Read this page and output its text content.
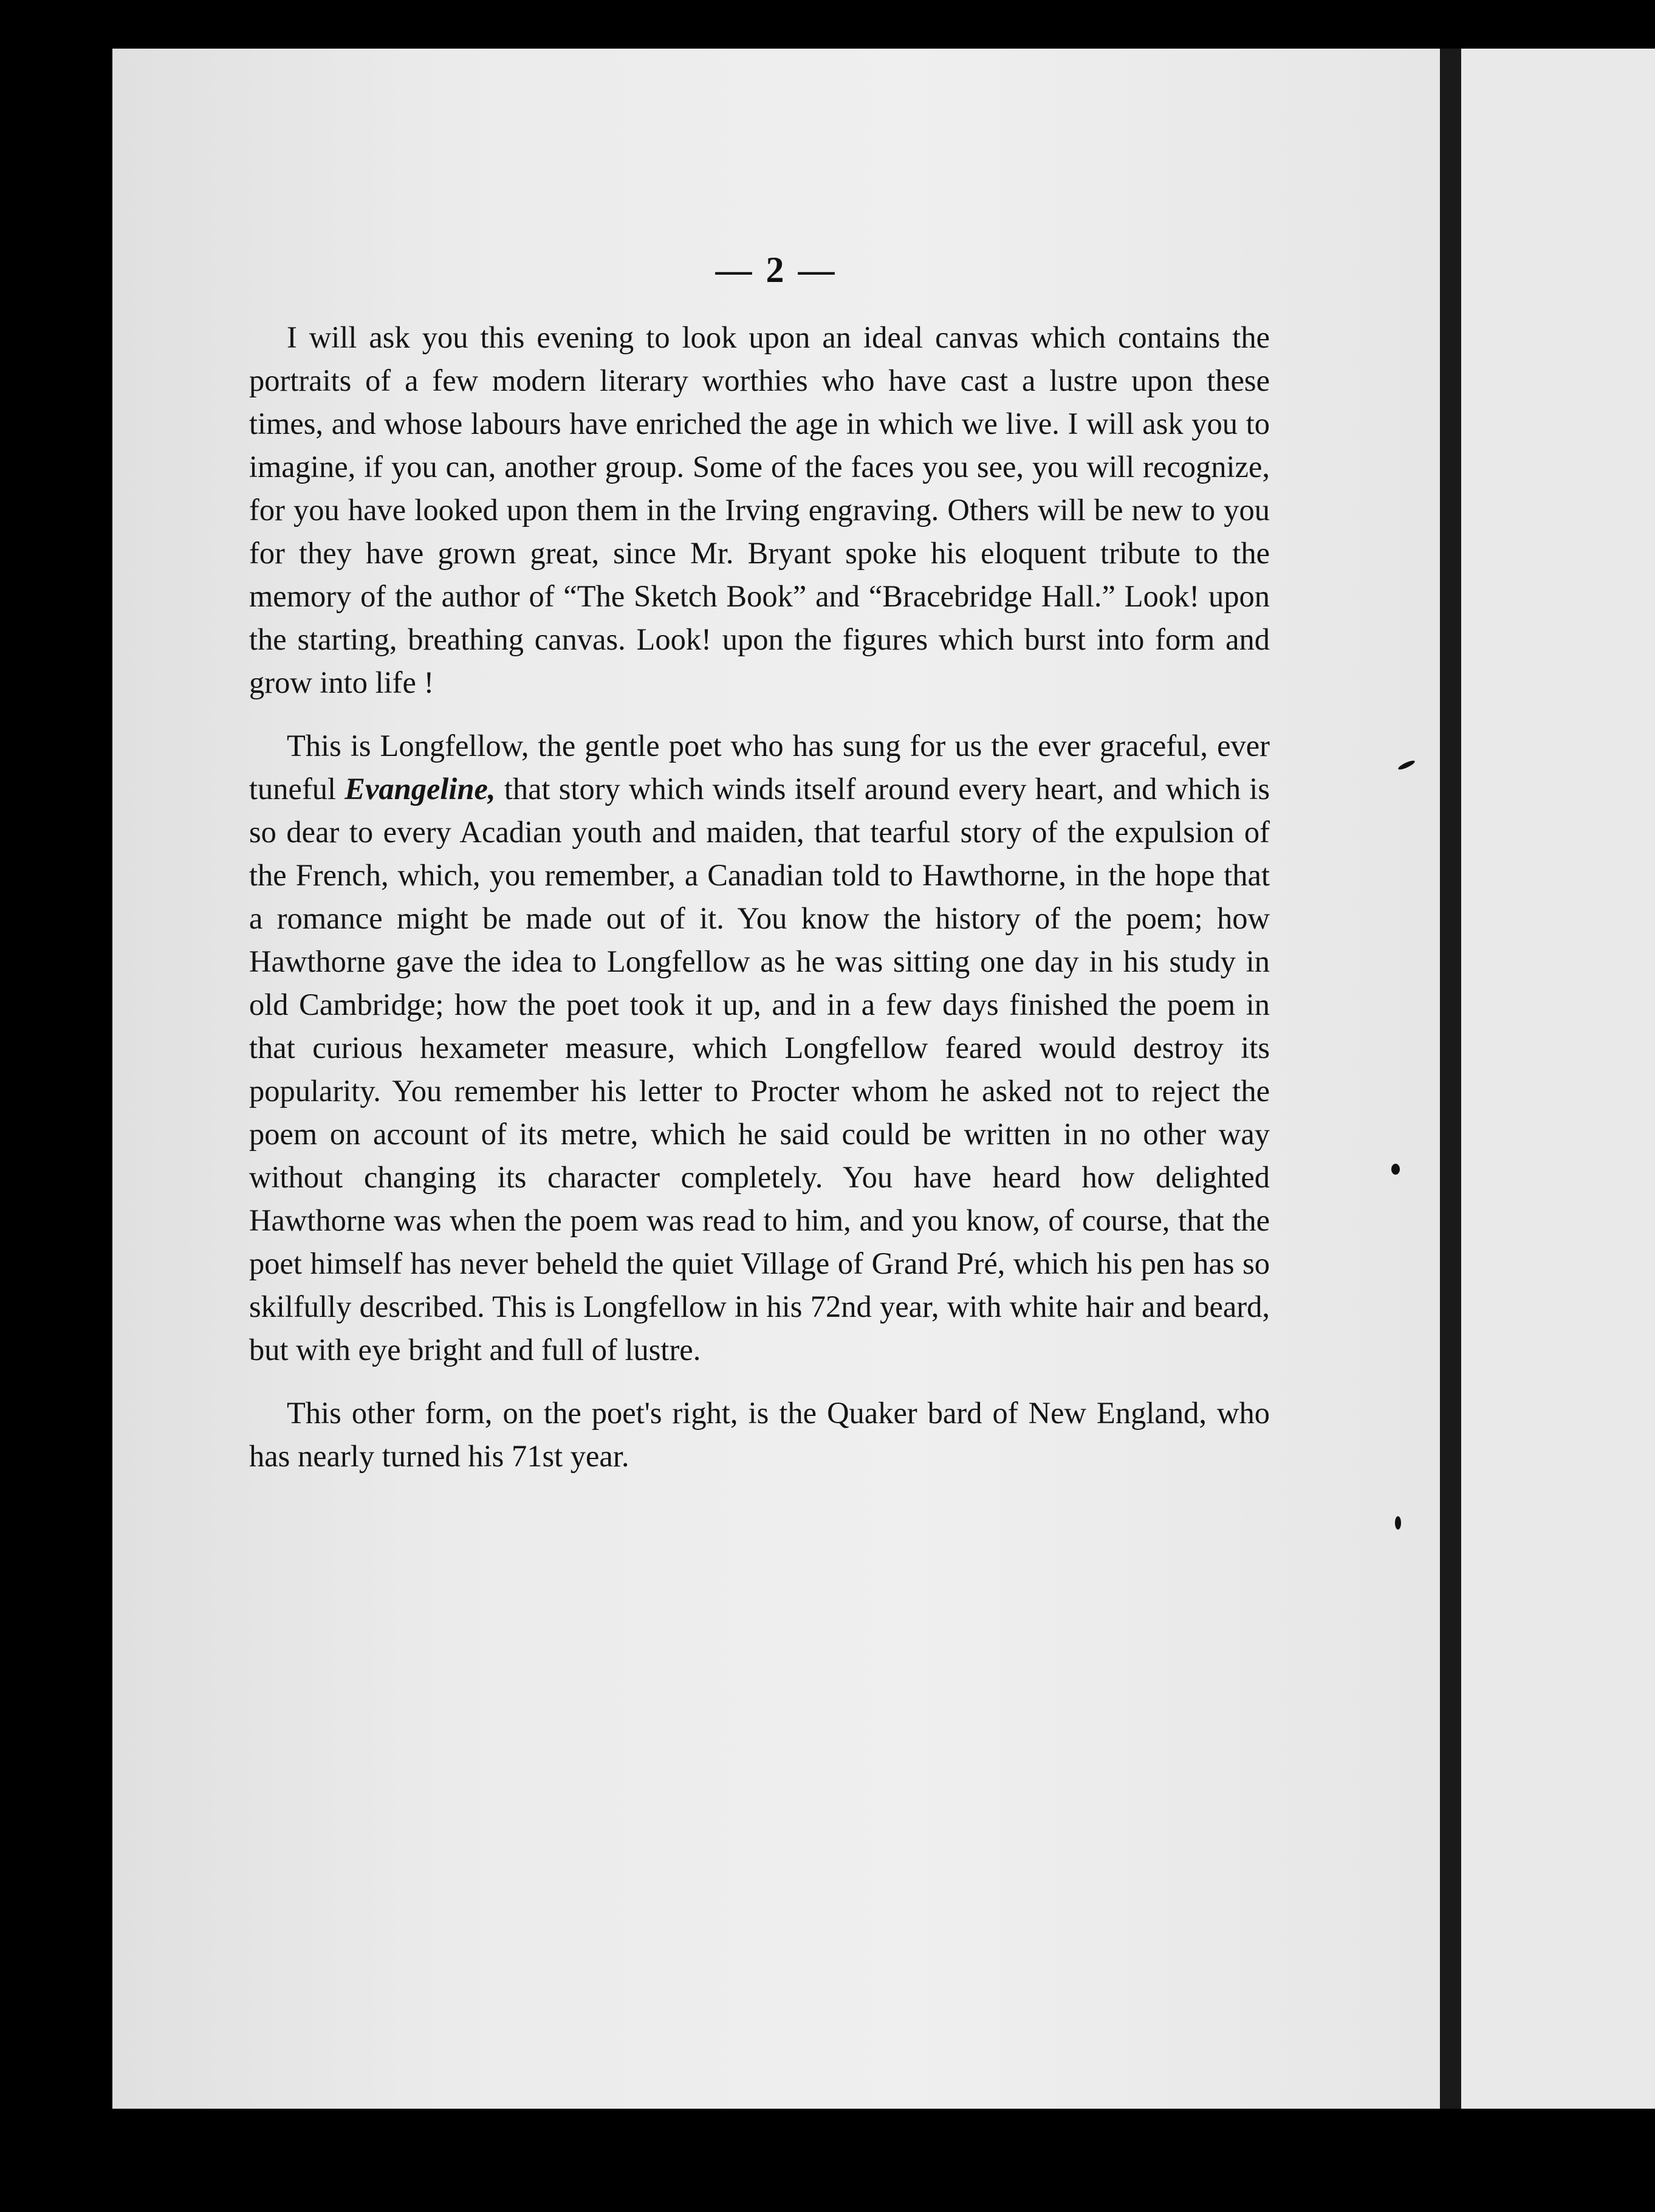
— 2 —

I will ask you this evening to look upon an ideal canvas which contains the portraits of a few modern literary worthies who have cast a lustre upon these times, and whose labours have enriched the age in which we live. I will ask you to imagine, if you can, another group. Some of the faces you see, you will recognize, for you have looked upon them in the Irving engraving. Others will be new to you for they have grown great, since Mr. Bryant spoke his eloquent tribute to the memory of the author of “The Sketch Book” and “Bracebridge Hall.” Look! upon the starting, breathing canvas. Look! upon the figures which burst into form and grow into life !

This is Longfellow, the gentle poet who has sung for us the ever graceful, ever tuneful Evangeline, that story which winds itself around every heart, and which is so dear to every Acadian youth and maiden, that tearful story of the expulsion of the French, which, you remember, a Canadian told to Hawthorne, in the hope that a romance might be made out of it. You know the history of the poem; how Hawthorne gave the idea to Longfellow as he was sitting one day in his study in old Cambridge; how the poet took it up, and in a few days finished the poem in that curious hexameter measure, which Longfellow feared would destroy its popularity. You remember his letter to Procter whom he asked not to reject the poem on account of its metre, which he said could be written in no other way without changing its character completely. You have heard how delighted Hawthorne was when the poem was read to him, and you know, of course, that the poet himself has never beheld the quiet Village of Grand Pré, which his pen has so skilfully described. This is Longfellow in his 72nd year, with white hair and beard, but with eye bright and full of lustre.

This other form, on the poet's right, is the Quaker bard of New England, who has nearly turned his 71st year.
